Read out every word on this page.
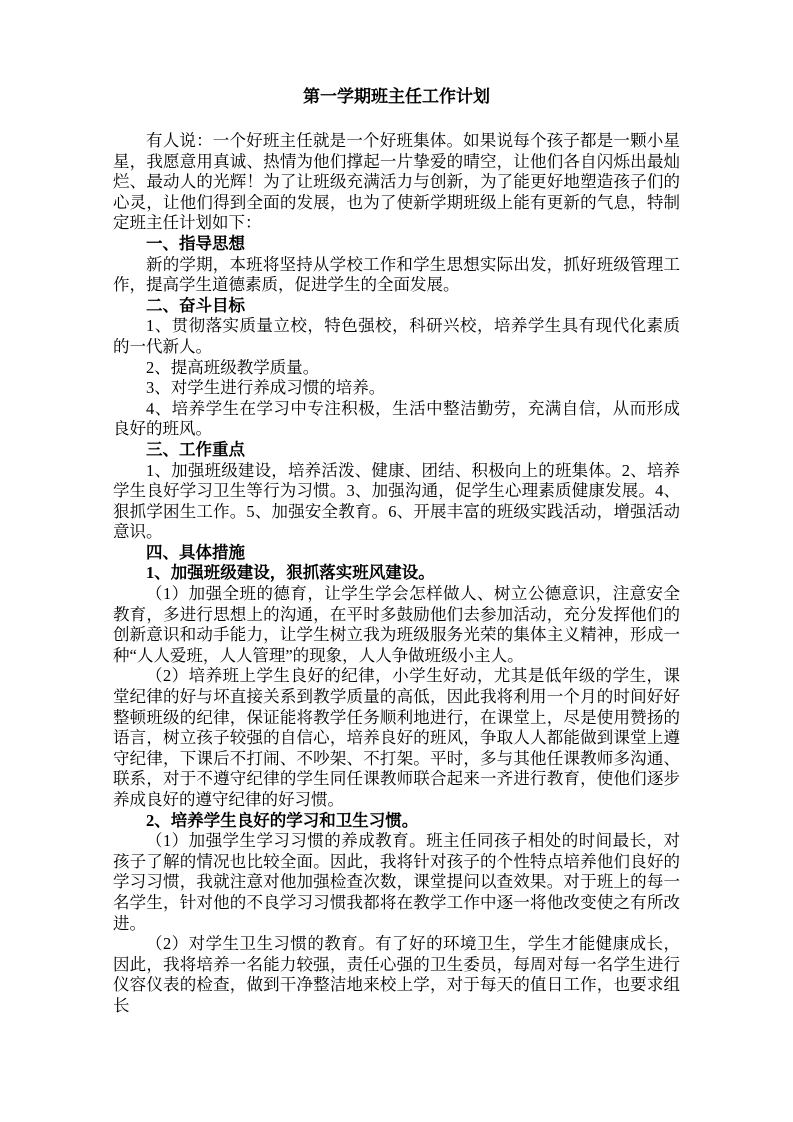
第一学期班主任工作计划

有人说：一个好班主任就是一个好班集体。如果说每个孩子都是一颗小星星，我愿意用真诚、热情为他们撑起一片挚爱的晴空，让他们各自闪烁出最灿烂、最动人的光辉！为了让班级充满活力与创新，为了能更好地塑造孩子们的心灵，让他们得到全面的发展，也为了使新学期班级上能有更新的气息，特制定班主任计划如下：

一、指导思想

新的学期，本班将坚持从学校工作和学生思想实际出发，抓好班级管理工作，提高学生道德素质，促进学生的全面发展。

二、奋斗目标

1、贯彻落实质量立校，特色强校，科研兴校，培养学生具有现代化素质的一代新人。

2、提高班级教学质量。

3、对学生进行养成习惯的培养。

4、培养学生在学习中专注积极，生活中整洁勤劳，充满自信，从而形成良好的班风。

三、工作重点

1、加强班级建设，培养活泼、健康、团结、积极向上的班集体。2、培养学生良好学习卫生等行为习惯。3、加强沟通，促学生心理素质健康发展。4、狠抓学困生工作。5、加强安全教育。6、开展丰富的班级实践活动，增强活动意识。

四、具体措施

1、加强班级建设，狠抓落实班风建设。

（1）加强全班的德育，让学生学会怎样做人、树立公德意识，注意安全教育，多进行思想上的沟通，在平时多鼓励他们去参加活动，充分发挥他们的创新意识和动手能力，让学生树立我为班级服务光荣的集体主义精神，形成一种“人人爱班，人人管理”的现象，人人争做班级小主人。

（2）培养班上学生良好的纪律，小学生好动，尤其是低年级的学生，课堂纪律的好与坏直接关系到教学质量的高低，因此我将利用一个月的时间好好整顿班级的纪律，保证能将教学任务顺利地进行，在课堂上，尽是使用赞扬的语言，树立孩子较强的自信心，培养良好的班风，争取人人都能做到课堂上遵守纪律，下课后不打闹、不吵架、不打架。平时，多与其他任课教师多沟通、联系，对于不遵守纪律的学生同任课教师联合起来一齐进行教育，使他们逐步养成良好的遵守纪律的好习惯。

2、培养学生良好的学习和卫生习惯。

（1）加强学生学习习惯的养成教育。班主任同孩子相处的时间最长，对孩子了解的情况也比较全面。因此，我将针对孩子的个性特点培养他们良好的学习习惯，我就注意对他加强检查次数，课堂提问以查效果。对于班上的每一名学生，针对他的不良学习习惯我都将在教学工作中逐一将他改变使之有所改进。

（2）对学生卫生习惯的教育。有了好的环境卫生，学生才能健康成长，因此，我将培养一名能力较强，责任心强的卫生委员，每周对每一名学生进行仪容仪表的检查，做到干净整洁地来校上学，对于每天的值日工作，也要求组长
